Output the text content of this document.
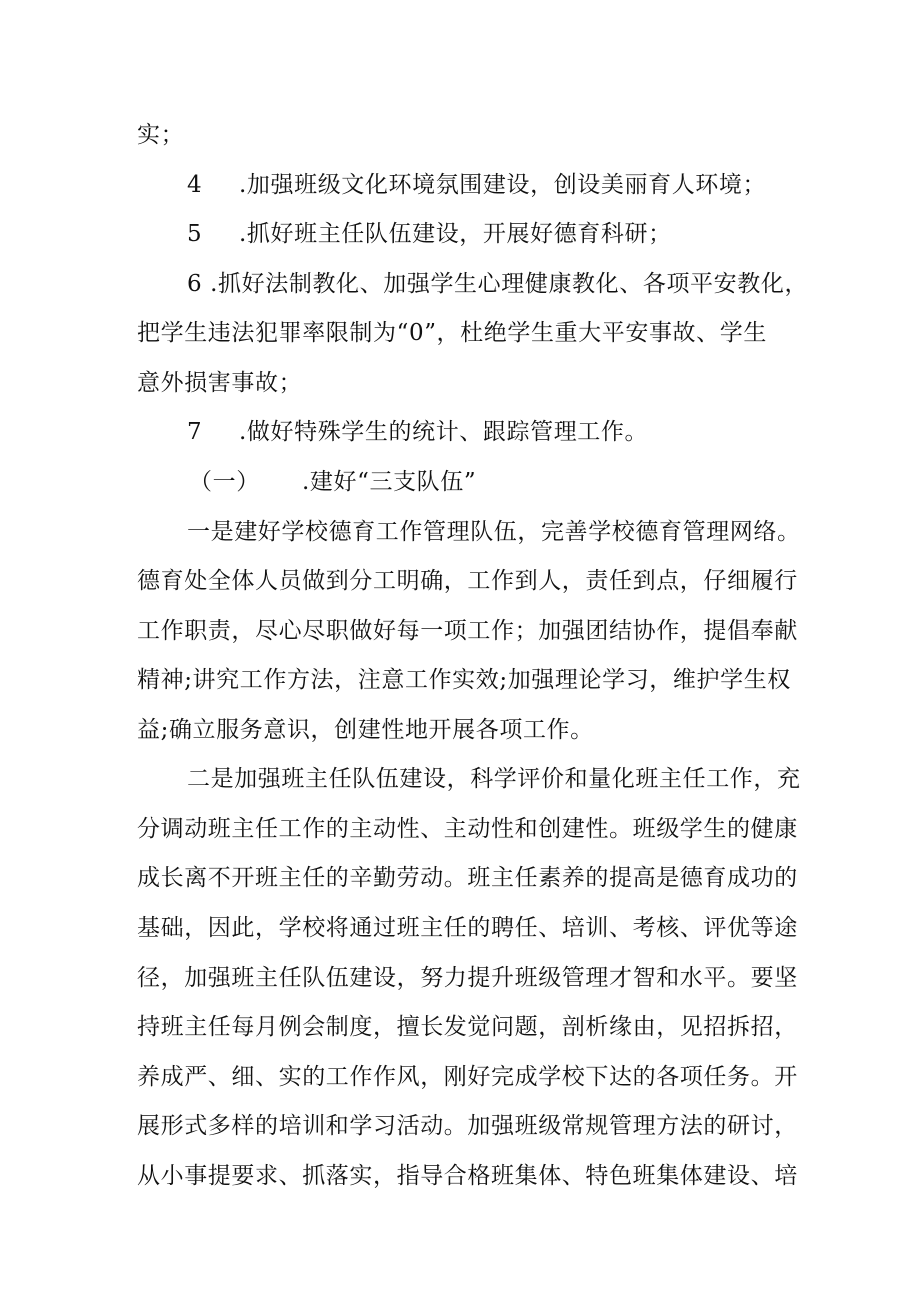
实；
4	.加强班级文化环境氛围建设，创设美丽育人环境；
5	.抓好班主任队伍建设，开展好德育科研；
6 .抓好法制教化、加强学生心理健康教化、各项平安教化，
把学生违法犯罪率限制为“0”，杜绝学生重大平安事故、学生
意外损害事故；
7	.做好特殊学生的统计、跟踪管理工作。
（一） .建好“三支队伍”
一是建好学校德育工作管理队伍，完善学校德育管理网络。
德育处全体人员做到分工明确，工作到人，责任到点，仔细履行
工作职责，尽心尽职做好每一项工作；加强团结协作，提倡奉献
精神;讲究工作方法，注意工作实效;加强理论学习，维护学生权
益;确立服务意识，创建性地开展各项工作。
二是加强班主任队伍建设，科学评价和量化班主任工作，充
分调动班主任工作的主动性、主动性和创建性。班级学生的健康
成长离不开班主任的辛勤劳动。班主任素养的提高是德育成功的
基础，因此，学校将通过班主任的聘任、培训、考核、评优等途
径，加强班主任队伍建设，努力提升班级管理才智和水平。要坚
持班主任每月例会制度，擅长发觉问题，剖析缘由，见招拆招，
养成严、细、实的工作作风，刚好完成学校下达的各项任务。开
展形式多样的培训和学习活动。加强班级常规管理方法的研讨，
从小事提要求、抓落实，指导合格班集体、特色班集体建设、培
